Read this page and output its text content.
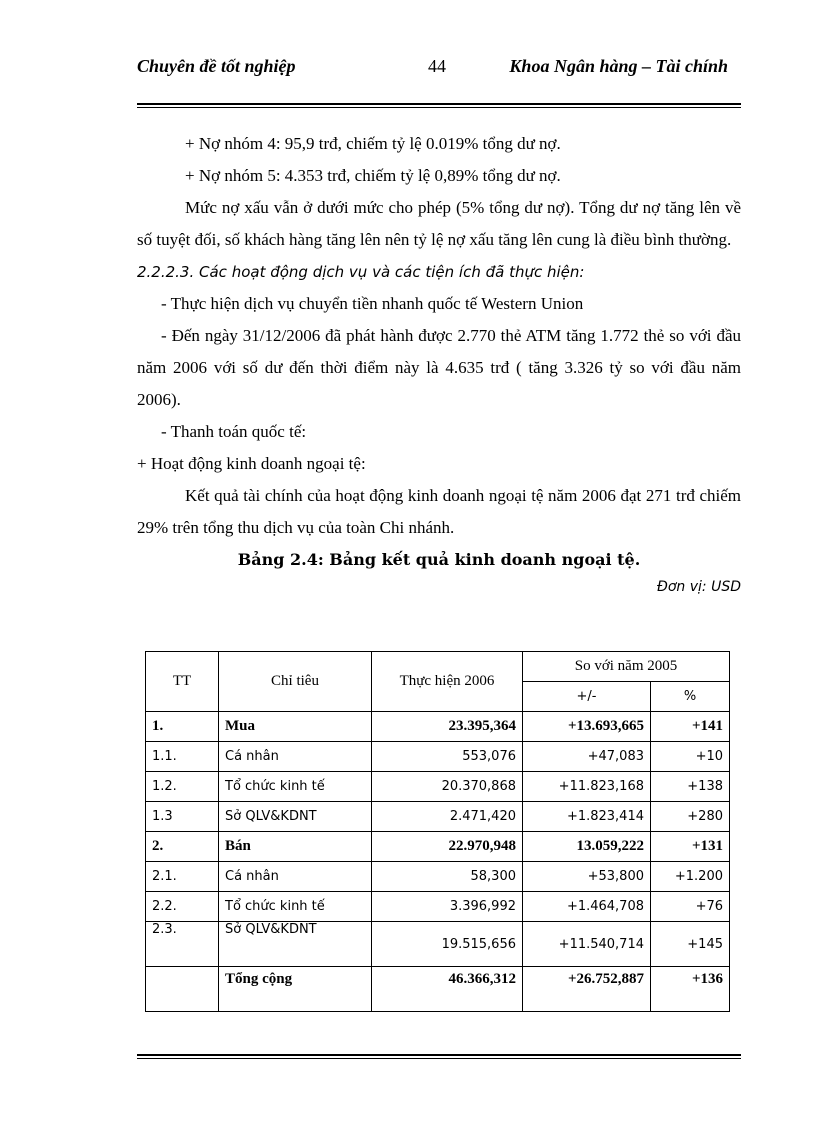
Chuyên đề tốt nghiệp	44	Khoa Ngân hàng – Tài chính

+ Nợ nhóm 4: 95,9 trđ, chiếm tỷ lệ 0.019% tổng dư nợ.

+ Nợ nhóm 5: 4.353 trđ, chiếm tỷ lệ 0,89% tổng dư nợ.

Mức nợ xấu vẫn ở dưới mức cho phép (5% tổng dư nợ). Tổng dư nợ tăng lên về số tuyệt đối, số khách hàng tăng lên nên tỷ lệ nợ xấu tăng lên cung là điều bình thường.

2.2.2.3. Các hoạt động dịch vụ và các tiện ích đã thực hiện:

- Thực hiện dịch vụ chuyển tiền nhanh quốc tế Western Union

- Đến ngày 31/12/2006 đã phát hành được 2.770 thẻ ATM tăng 1.772 thẻ so với đầu năm 2006 với số dư đến thời điểm này là 4.635 trđ ( tăng 3.326 tỷ so với đầu năm 2006).

- Thanh toán quốc tế:

+ Hoạt động kinh doanh ngoại tệ:

Kết quả tài chính của hoạt động kinh doanh ngoại tệ năm 2006 đạt 271 trđ chiếm 29% trên tổng thu dịch vụ của toàn Chi nhánh.

Bảng 2.4: Bảng kết quả kinh doanh ngoại tệ.

Đơn vị: USD

TT	Chỉ tiêu	Thực hiện 2006	So với năm 2005	
			+/-	%
1.	Mua	23.395,364	+13.693,665	+141
1.1.	Cá nhân	553,076	+47,083	+10
1.2.	Tổ chức kinh tế	20.370,868	+11.823,168	+138
1.3	Sở QLV&KDNT	2.471,420	+1.823,414	+280
2.	Bán	22.970,948	13.059,222	+131
2.1.	Cá nhân	58,300	+53,800	+1.200
2.2.	Tổ chức kinh tế	3.396,992	+1.464,708	+76
2.3.	Sở QLV&KDNT	19.515,656	+11.540,714	+145
	Tổng cộng	46.366,312	+26.752,887	+136
